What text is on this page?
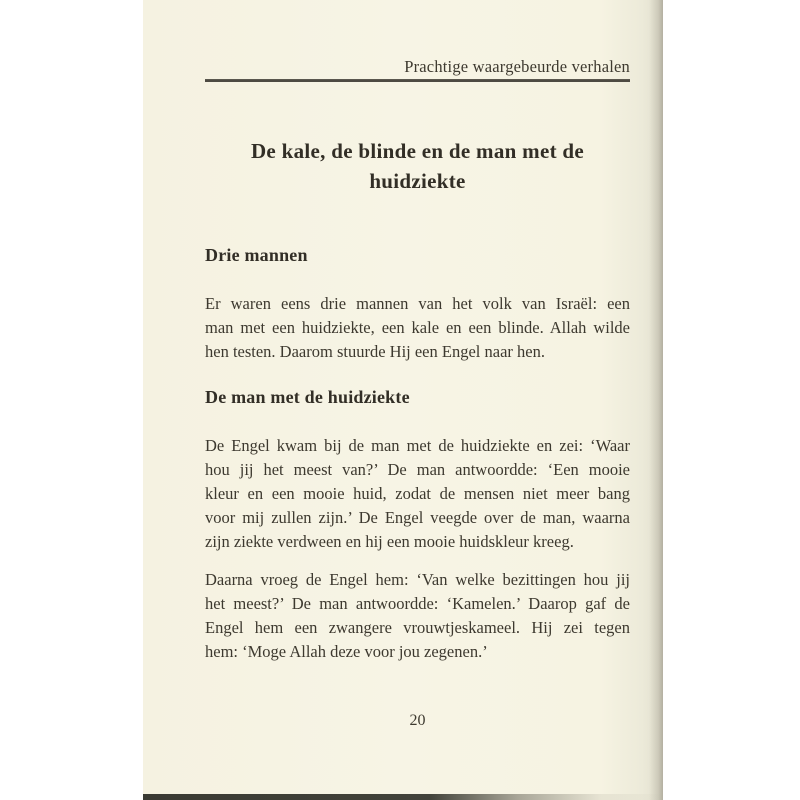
Prachtige waargebeurde verhalen
De kale, de blinde en de man met de huidziekte
Drie mannen

Er waren eens drie mannen van het volk van Israël: een
man met een huidziekte, een kale en een blinde. Allah wilde
hen testen. Daarom stuurde Hij een Engel naar hen.

De man met de huidziekte

De Engel kwam bij de man met de huidziekte en zei: ‘Waar
hou jij het meest van?’ De man antwoordde: ‘Een mooie
kleur en een mooie huid, zodat de mensen niet meer bang
voor mij zullen zijn.’ De Engel veegde over de man, waarna
zijn ziekte verdween en hij een mooie huidskleur kreeg.

Daarna vroeg de Engel hem: ‘Van welke bezittingen hou jij
het meest?’ De man antwoordde: ‘Kamelen.’ Daarop gaf de
Engel hem een zwangere vrouwtjeskameel. Hij zei tegen
hem: ‘Moge Allah deze voor jou zegenen.’

20
